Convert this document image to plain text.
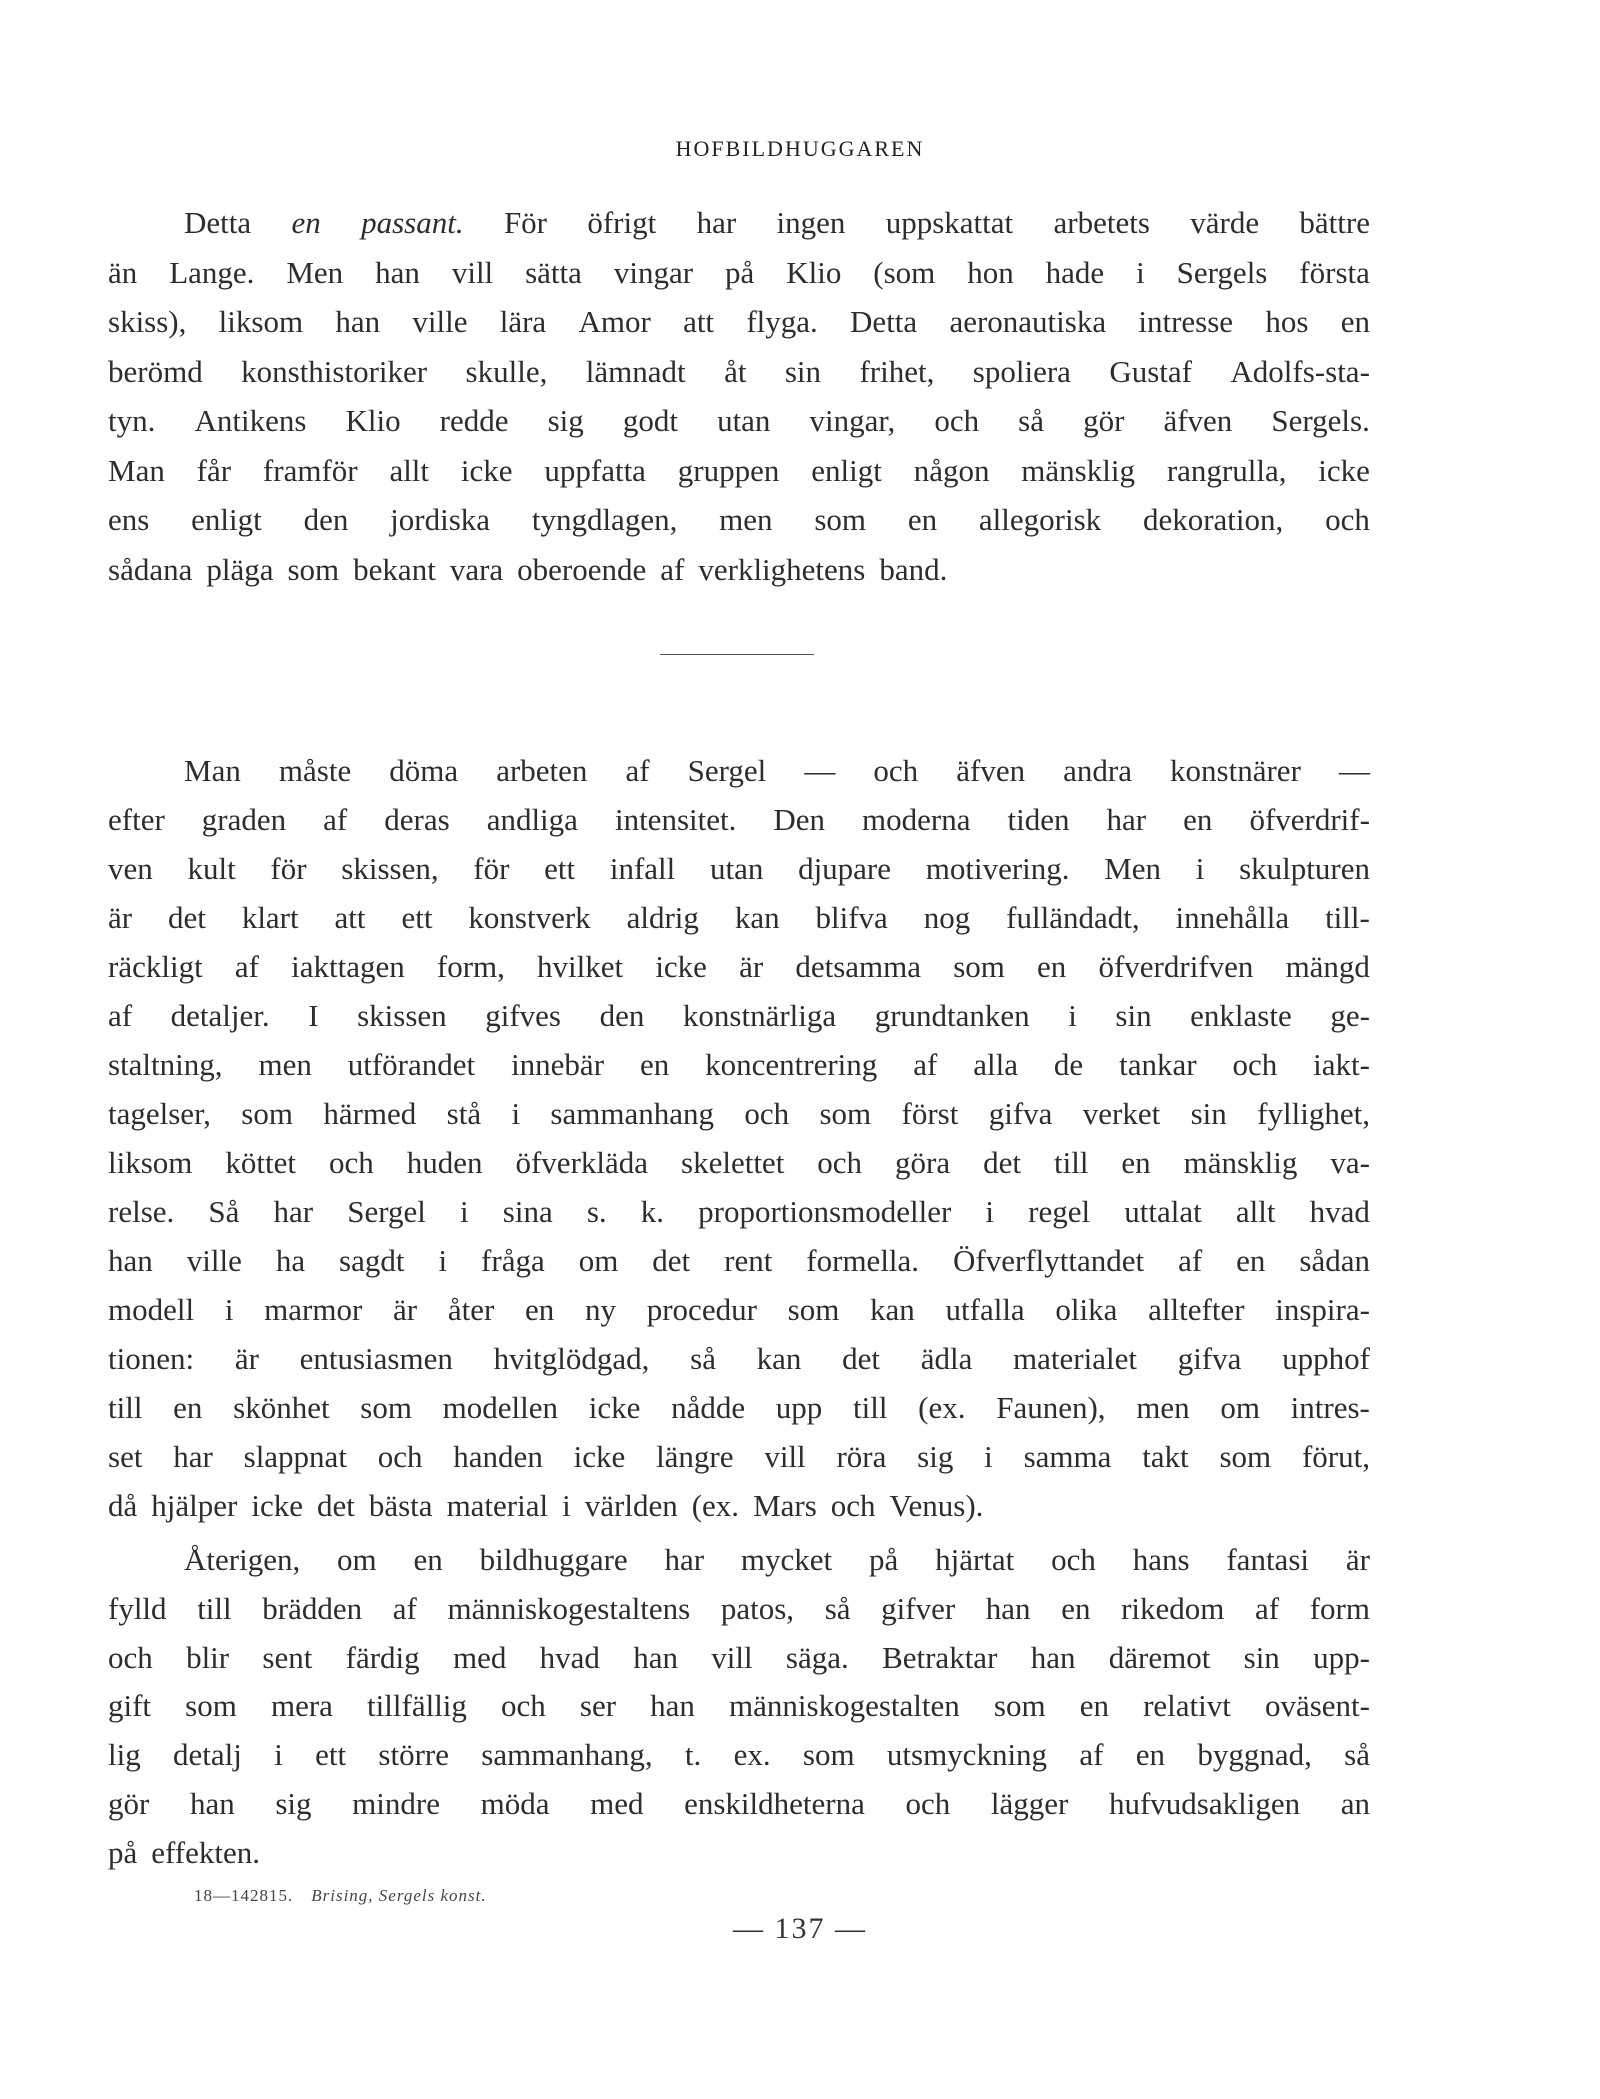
HOFBILDHUGGAREN
Detta en passant. För öfrigt har ingen uppskattat arbetets värde bättre
än Lange. Men han vill sätta vingar på Klio (som hon hade i Sergels första
skiss), liksom han ville lära Amor att flyga. Detta aeronautiska intresse hos en
berömd konsthistoriker skulle, lämnadt åt sin frihet, spoliera Gustaf Adolfs-sta-
tyn. Antikens Klio redde sig godt utan vingar, och så gör äfven Sergels.
Man får framför allt icke uppfatta gruppen enligt någon mänsklig rangrulla, icke
ens enligt den jordiska tyngdlagen, men som en allegorisk dekoration, och
sådana pläga som bekant vara oberoende af verklighetens band.
Man måste döma arbeten af Sergel — och äfven andra konstnärer —
efter graden af deras andliga intensitet. Den moderna tiden har en öfverdrif-
ven kult för skissen, för ett infall utan djupare motivering. Men i skulpturen
är det klart att ett konstverk aldrig kan blifva nog fulländadt, innehålla till-
räckligt af iakttagen form, hvilket icke är detsamma som en öfverdrifven mängd
af detaljer. I skissen gifves den konstnärliga grundtanken i sin enklaste ge-
staltning, men utförandet innebär en koncentrering af alla de tankar och iakt-
tagelser, som härmed stå i sammanhang och som först gifva verket sin fyllighet,
liksom köttet och huden öfverkläda skelettet och göra det till en mänsklig va-
relse. Så har Sergel i sina s. k. proportionsmodeller i regel uttalat allt hvad
han ville ha sagdt i fråga om det rent formella. Öfverflyttandet af en sådan
modell i marmor är åter en ny procedur som kan utfalla olika alltefter inspira-
tionen: är entusiasmen hvitglödgad, så kan det ädla materialet gifva upphof
till en skönhet som modellen icke nådde upp till (ex. Faunen), men om intres-
set har slappnat och handen icke längre vill röra sig i samma takt som förut,
då hjälper icke det bästa material i världen (ex. Mars och Venus).
Återigen, om en bildhuggare har mycket på hjärtat och hans fantasi är
fylld till brädden af människogestaltens patos, så gifver han en rikedom af form
och blir sent färdig med hvad han vill säga. Betraktar han däremot sin upp-
gift som mera tillfällig och ser han människogestalten som en relativt oväsent-
lig detalj i ett större sammanhang, t. ex. som utsmyckning af en byggnad, så
gör han sig mindre möda med enskildheterna och lägger hufvudsakligen an
på effekten.
18—142815. Brising, Sergels konst.
— 137 —
